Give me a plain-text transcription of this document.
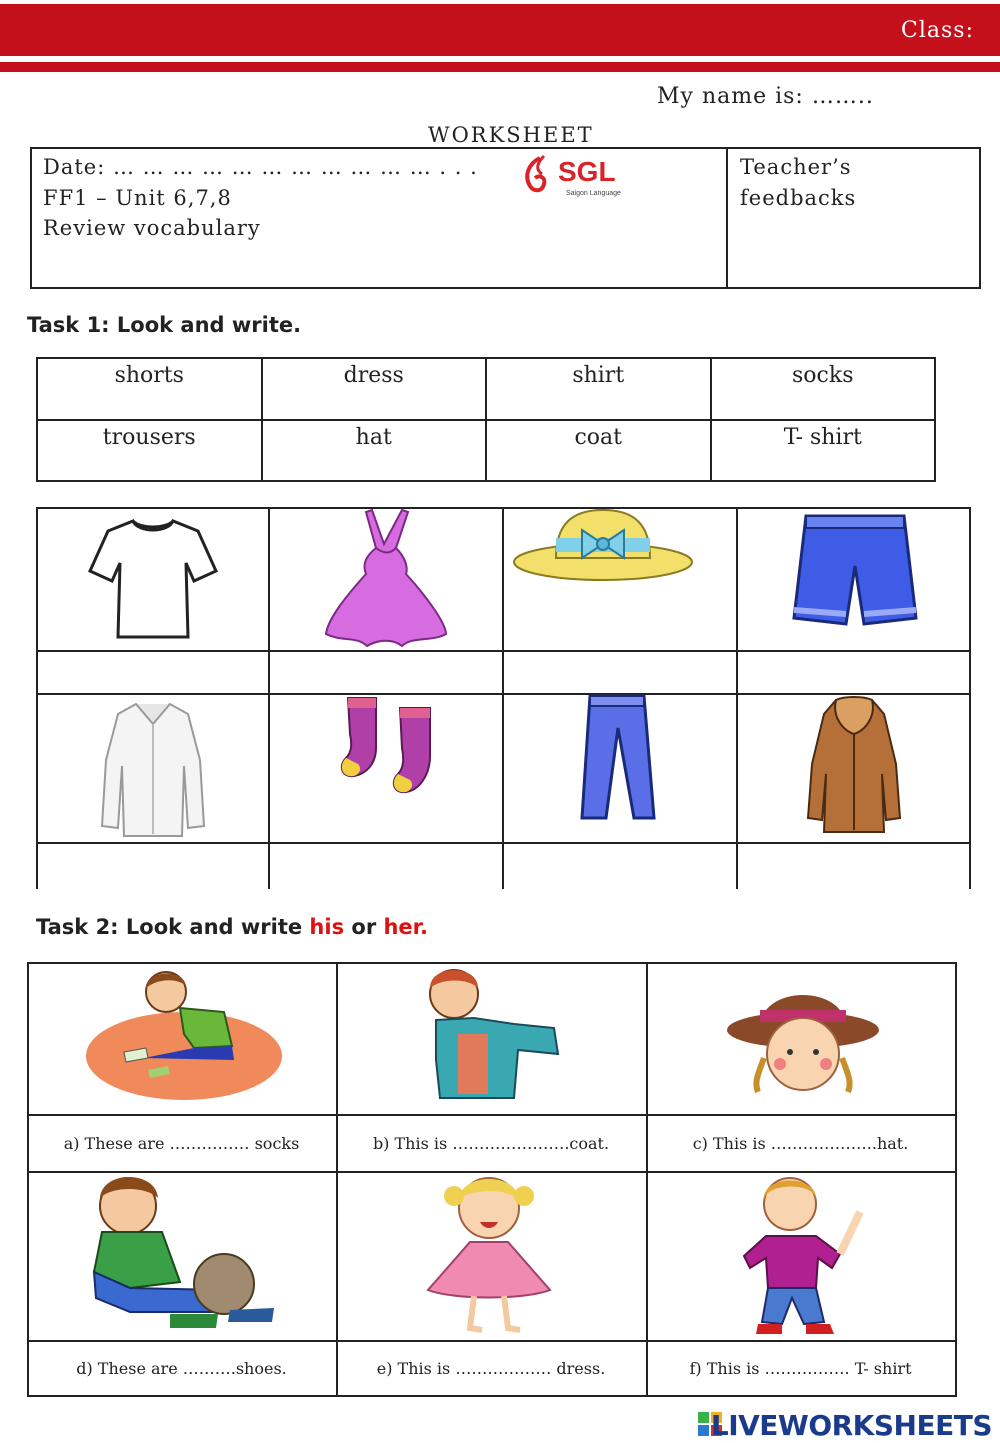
Class:
My name is: ……..
WORKSHEET
Date: … … … … … … … … … … … . . .
FF1 – Unit 6,7,8
Review vocabulary
Teacher’s
feedbacks
SGL
Saigon Language
Task 1: Look and write.
shorts	dress	shirt	socks
trousers	hat	coat	T- shirt
Task 2: Look and write his or her.
a) These are …………… socks	b) This is ………………….coat.	c) This is ………………..hat.
d) These are ……….shoes.	e) This is ……………… dress.	f) This is ……………. T- shirt
LIVEWORKSHEETS
